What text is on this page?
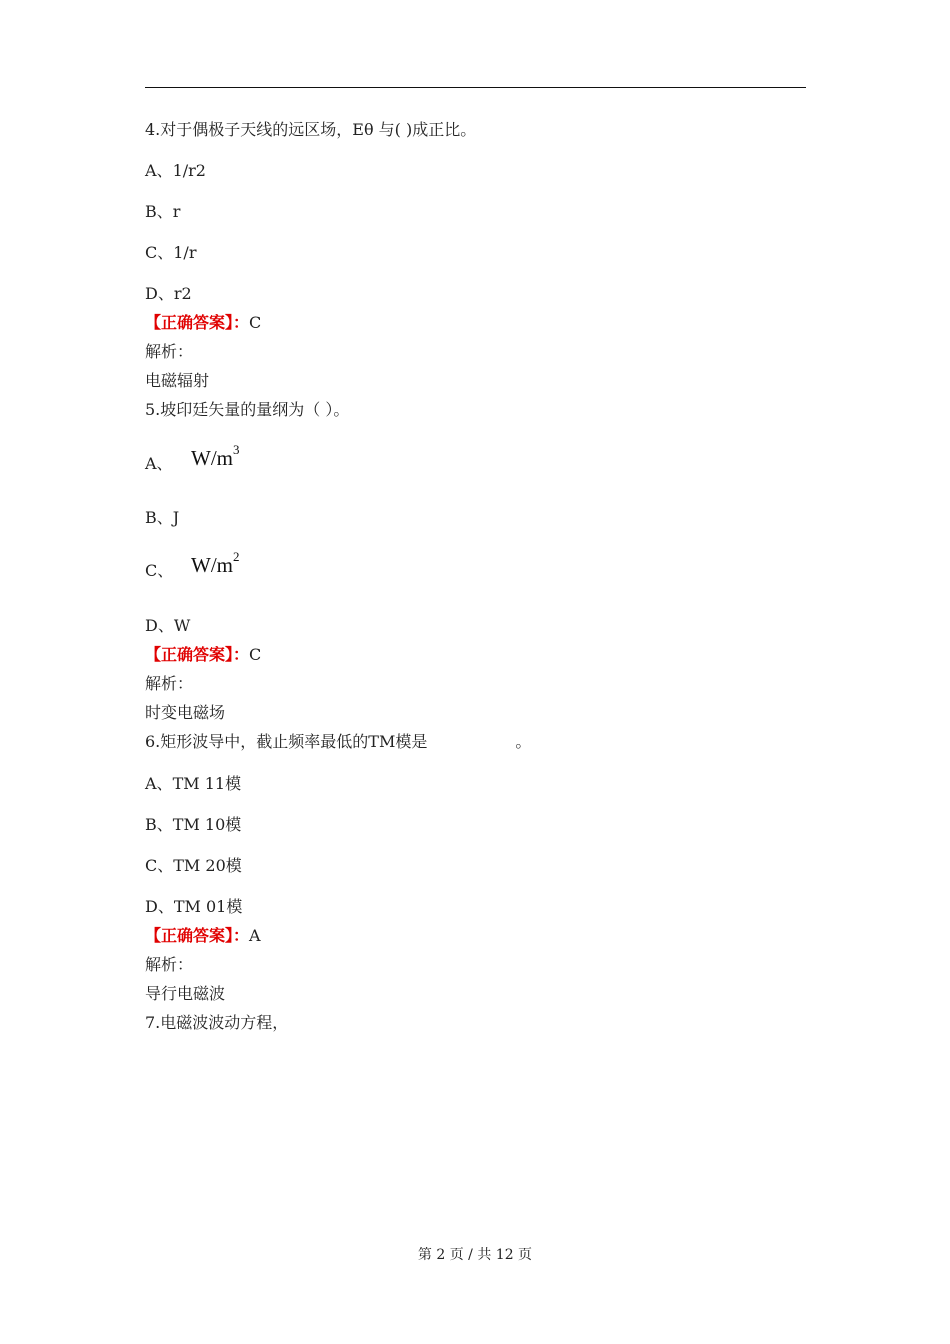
4.对于偶极子天线的远区场，Eθ 与( )成正比。
A、1/r2
B、r
C、1/r
D、r2
【正确答案】：C
解析：
电磁辐射
5.坡印廷矢量的量纲为（ ）。
A、 $W/m^3$
B、J
C、 $W/m^2$
D、W
【正确答案】：C
解析：
时变电磁场
6.矩形波导中，截止频率最低的TM模是	。
A、TM 11模
B、TM 10模
C、TM 20模
D、TM 01模
【正确答案】：A
解析：
导行电磁波
7.电磁波波动方程，
第 2 页 / 共 12 页
